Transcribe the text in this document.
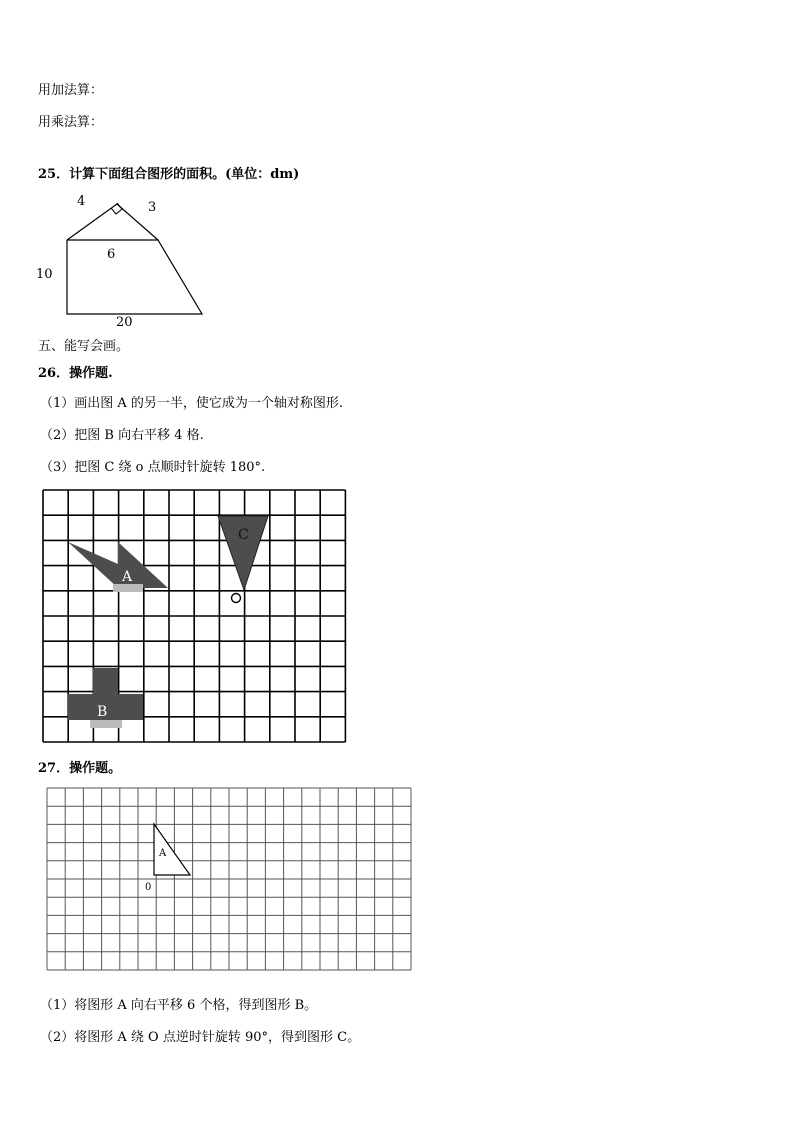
用加法算：
用乘法算：
25．计算下面组合图形的面积。(单位：dm)
4	3
6
10
20
五、能写会画。
26．操作题.
（1）画出图 A 的另一半，使它成为一个轴对称图形.
（2）把图 B 向右平移 4 格.
（3）把图 C 绕 o 点顺时针旋转 180°.
A
B
C
27．操作题。
A
0
（1）将图形 A 向右平移 6 个格，得到图形 B。
（2）将图形 A 绕 O 点逆时针旋转 90°，得到图形 C。
